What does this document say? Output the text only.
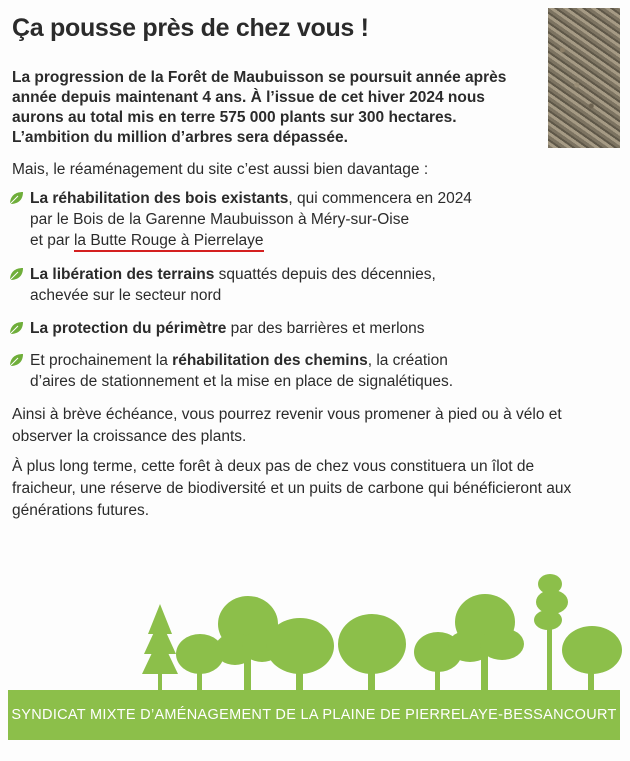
Ça pousse près de chez vous !

La progression de la Forêt de Maubuisson se poursuit année après année depuis maintenant 4 ans. À l’issue de cet hiver 2024 nous aurons au total mis en terre 575 000 plants sur 300 hectares. L’ambition du million d’arbres sera dépassée.

Mais, le réaménagement du site c’est aussi bien davantage :

La réhabilitation des bois existants, qui commencera en 2024
par le Bois de la Garenne Maubuisson à Méry-sur-Oise
et par la Butte Rouge à Pierrelaye
La libération des terrains squattés depuis des décennies,
achevée sur le secteur nord
La protection du périmètre par des barrières et merlons
Et prochainement la réhabilitation des chemins, la création
d’aires de stationnement et la mise en place de signalétiques.

Ainsi à brève échéance, vous pourrez revenir vous promener à pied ou à vélo et observer la croissance des plants.

À plus long terme, cette forêt à deux pas de chez vous constituera un îlot de fraicheur, une réserve de biodiversité et un puits de carbone qui bénéficieront aux générations futures.

SYNDICAT MIXTE D’AMÉNAGEMENT DE LA PLAINE DE PIERRELAYE-BESSANCOURT
